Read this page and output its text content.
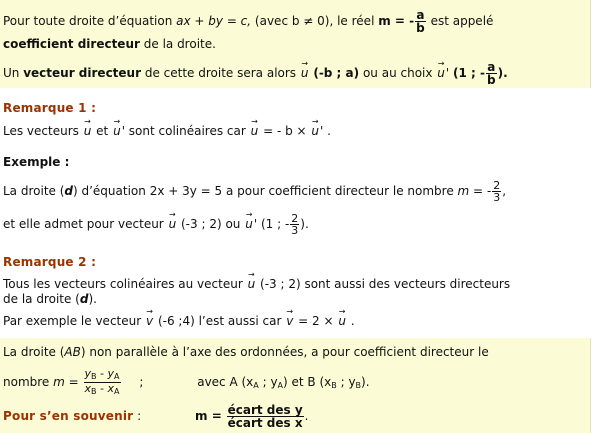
Pour toute droite d’équation ax + by = c, (avec b ≠ 0), le réel m = - $\frac{a}{b}$ est appelé
coefficient directeur de la droite.
Un vecteur directeur de cette droite sera alors → u (-b ; a) ou au choix → u' (1 ; - $\frac{a}{b}$ ).
Remarque 1 :
Les vecteurs → u et → u' sont colinéaires car → u = - b × → u' .
Exemple :
La droite (d) d’équation 2x + 3y = 5 a pour coefficient directeur le nombre m = - $\frac{2}{3}$ ,
et elle admet pour vecteur → u (-3 ; 2) ou → u' (1 ; - $\frac{2}{3}$ ).
Remarque 2 :
Tous les vecteurs colinéaires au vecteur → u (-3 ; 2) sont aussi des vecteurs directeurs
de la droite (d).
Par exemple le vecteur → v (-6 ;4) l’est aussi car → v = 2 × → u .
La droite (AB) non parallèle à l’axe des ordonnées, a pour coefficient directeur le
nombre $m = \frac{y_B - y_A}{x_B - x_A}$ ;	avec A ($x_A$ ; $y_A$) et B ($x_B$ ; $y_B$).
Pour s’en souvenir :	$m = \frac{\text{écart des y}}{\text{écart des x}}$ .
